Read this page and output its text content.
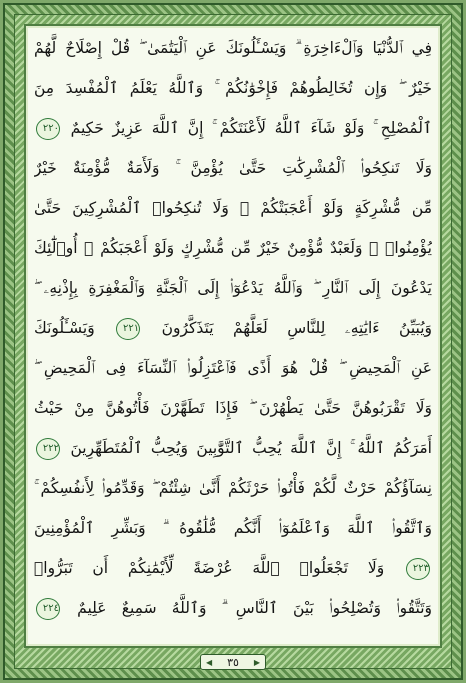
فِي ٱلدُّنْيَا وَٱلْءَاخِرَةِ ۗ وَيَسْـَٔلُونَكَ عَنِ ٱلْيَتَٰمَىٰ ۖ قُلْ إِصْلَاحٌ لَّهُمْ
خَيْرٌ ۖ وَإِن تُخَالِطُوهُمْ فَإِخْوَٰنُكُمْ ۚ وَٱللَّهُ يَعْلَمُ ٱلْمُفْسِدَ مِنَ
ٱلْمُصْلِحِ ۚ وَلَوْ شَآءَ ٱللَّهُ لَأَعْنَتَكُمْ ۚ إِنَّ ٱللَّهَ عَزِيزٌ حَكِيمٌ ٢٢٠
وَلَا تَنكِحُوا۟ ٱلْمُشْرِكَٰتِ حَتَّىٰ يُؤْمِنَّ ۚ وَلَأَمَةٌ مُّؤْمِنَةٌ خَيْرٌ
مِّن مُّشْرِكَةٍ وَلَوْ أَعْجَبَتْكُمْ ۗ وَلَا تُنكِحُوا۟ ٱلْمُشْرِكِينَ حَتَّىٰ
يُؤْمِنُوا۟ ۚ وَلَعَبْدٌ مُّؤْمِنٌ خَيْرٌ مِّن مُّشْرِكٍ وَلَوْ أَعْجَبَكُمْ ۗ أُو۟لَٰٓئِكَ
يَدْعُونَ إِلَى ٱلنَّارِ ۖ وَٱللَّهُ يَدْعُوٓا۟ إِلَى ٱلْجَنَّةِ وَٱلْمَغْفِرَةِ بِإِذْنِهِۦ ۖ
وَيُبَيِّنُ ءَايَٰتِهِۦ لِلنَّاسِ لَعَلَّهُمْ يَتَذَكَّرُونَ ٢٢١ وَيَسْـَٔلُونَكَ
عَنِ ٱلْمَحِيضِ ۖ قُلْ هُوَ أَذًى فَٱعْتَزِلُوا۟ ٱلنِّسَآءَ فِى ٱلْمَحِيضِ ۖ
وَلَا تَقْرَبُوهُنَّ حَتَّىٰ يَطْهُرْنَ ۖ فَإِذَا تَطَهَّرْنَ فَأْتُوهُنَّ مِنْ حَيْثُ
أَمَرَكُمُ ٱللَّهُ ۚ إِنَّ ٱللَّهَ يُحِبُّ ٱلتَّوَّٰبِينَ وَيُحِبُّ ٱلْمُتَطَهِّرِينَ ٢٢٢
نِسَآؤُكُمْ حَرْثٌ لَّكُمْ فَأْتُوا۟ حَرْثَكُمْ أَنَّىٰ شِئْتُمْ ۖ وَقَدِّمُوا۟ لِأَنفُسِكُمْ ۚ
وَٱتَّقُوا۟ ٱللَّهَ وَٱعْلَمُوٓا۟ أَنَّكُم مُّلَٰقُوهُ ۗ وَبَشِّرِ ٱلْمُؤْمِنِينَ
٢٢٣ وَلَا تَجْعَلُوا۟ ٱللَّهَ عُرْضَةً لِّأَيْمَٰنِكُمْ أَن تَبَرُّوا۟
وَتَتَّقُوا۟ وَتُصْلِحُوا۟ بَيْنَ ٱلنَّاسِ ۗ وَٱللَّهُ سَمِيعٌ عَلِيمٌ ٢٢٤
◀ ٣٥ ▶
